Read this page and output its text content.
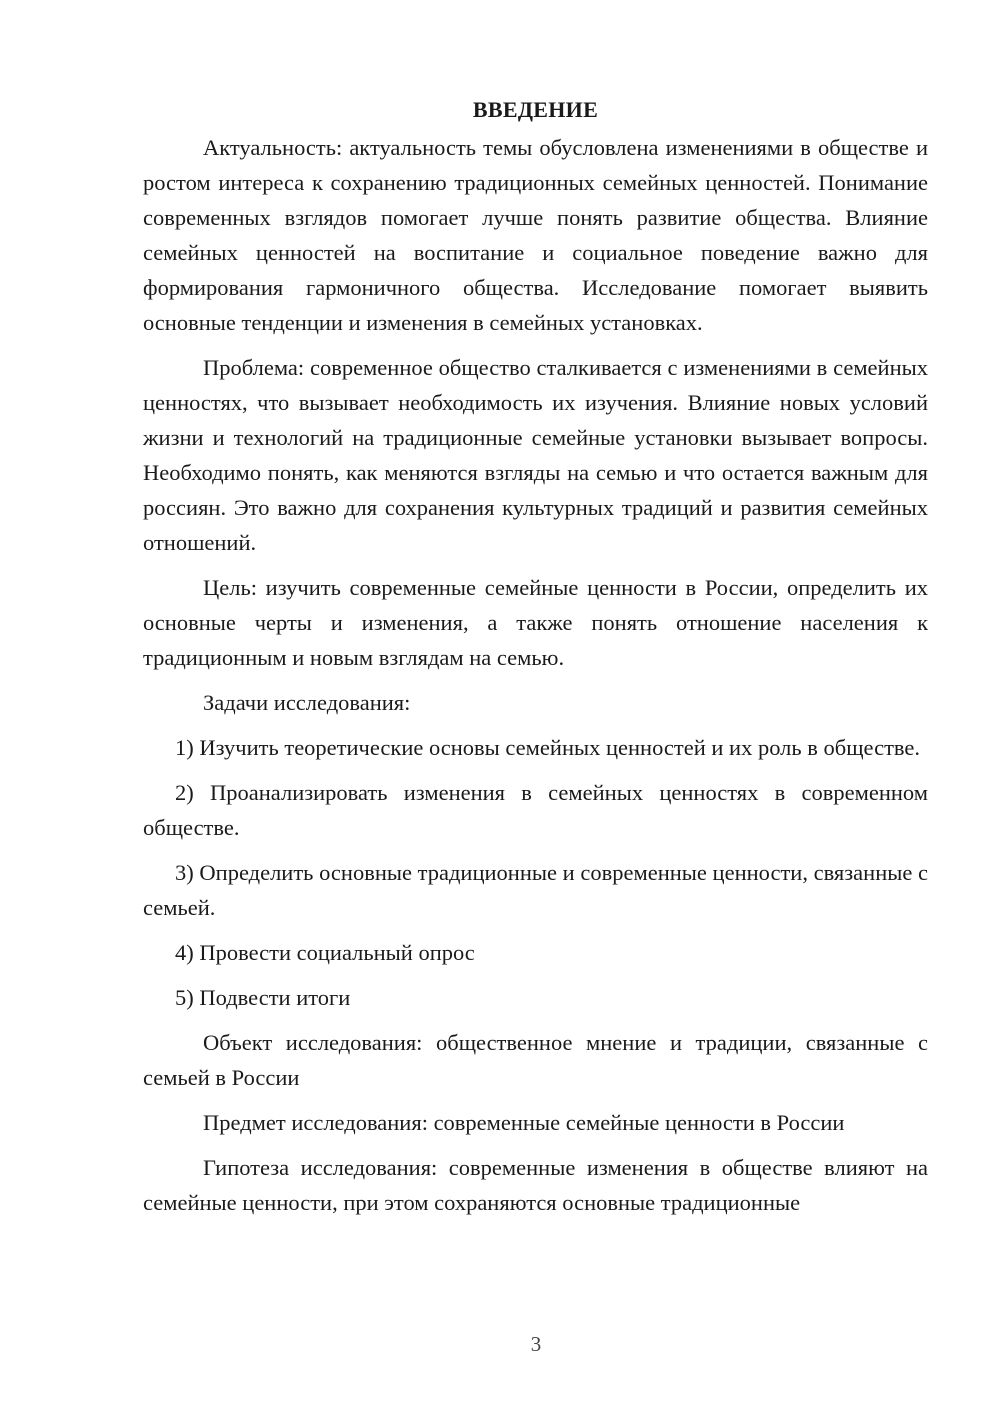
ВВЕДЕНИЕ

Актуальность: актуальность темы обусловлена изменениями в обществе и ростом интереса к сохранению традиционных семейных ценностей. Понимание современных взглядов помогает лучше понять развитие общества. Влияние семейных ценностей на воспитание и социальное поведение важно для формирования гармоничного общества. Исследование помогает выявить основные тенденции и изменения в семейных установках.

Проблема: современное общество сталкивается с изменениями в семейных ценностях, что вызывает необходимость их изучения. Влияние новых условий жизни и технологий на традиционные семейные установки вызывает вопросы. Необходимо понять, как меняются взгляды на семью и что остается важным для россиян. Это важно для сохранения культурных традиций и развития семейных отношений.

Цель: изучить современные семейные ценности в России, определить их основные черты и изменения, а также понять отношение населения к традиционным и новым взглядам на семью.

Задачи исследования:

1) Изучить теоретические основы семейных ценностей и их роль в обществе.

2) Проанализировать изменения в семейных ценностях в современном обществе.

3) Определить основные традиционные и современные ценности, связанные с семьей.

4) Провести социальный опрос

5) Подвести итоги

Объект исследования: общественное мнение и традиции, связанные с семьей в России

Предмет исследования: современные семейные ценности в России

Гипотеза исследования: современные изменения в обществе влияют на семейные ценности, при этом сохраняются основные традиционные

3
